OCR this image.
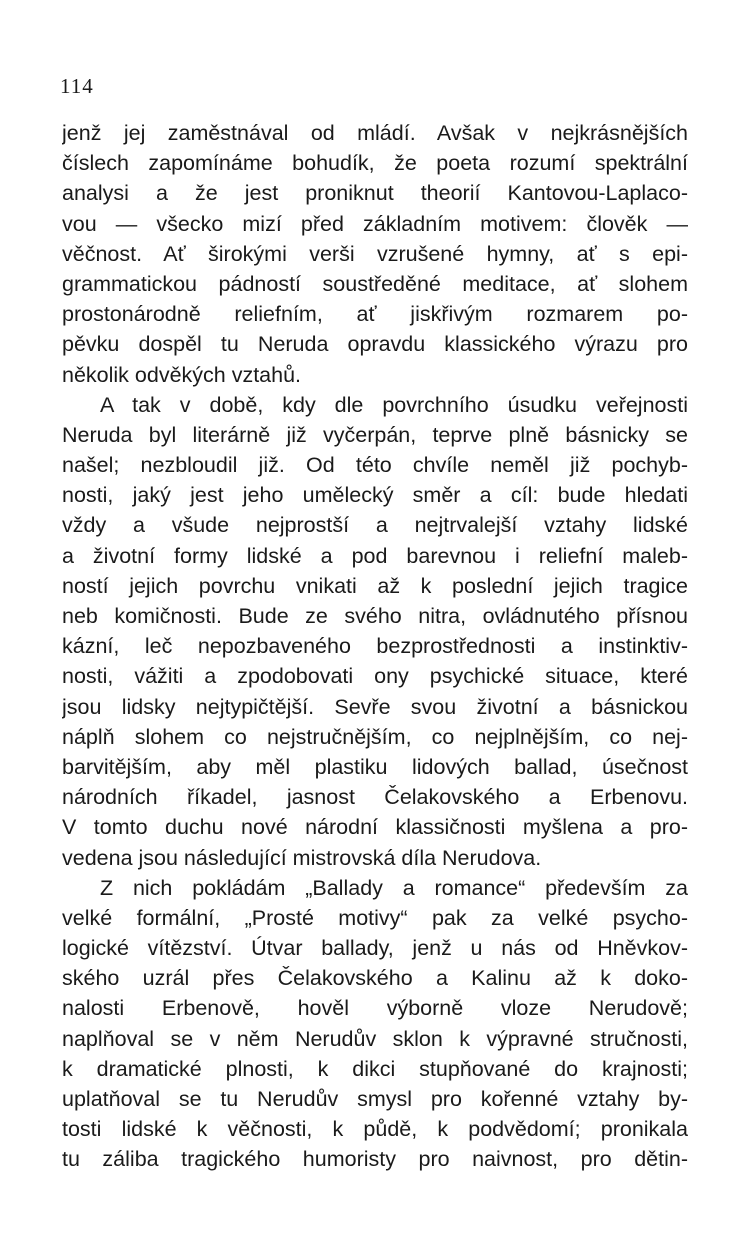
114
jenž jej zaměstnával od mládí. Avšak v nejkrásnějších
číslech zapomínáme bohudík, že poeta rozumí spektrální
analysi a že jest proniknut theorií Kantovou-Laplaco-
vou — všecko mizí před základním motivem: člověk —
věčnost. Ať širokými verši vzrušené hymny, ať s epi-
grammatickou pádností soustředěné meditace, ať slohem
prostonárodně reliefním, ať jiskřivým rozmarem po-
pěvku dospěl tu Neruda opravdu klassického výrazu pro
několik odvěkých vztahů.
A tak v době, kdy dle povrchního úsudku veřejnosti
Neruda byl literárně již vyčerpán, teprve plně básnicky se
našel; nezbloudil již. Od této chvíle neměl již pochyb-
nosti, jaký jest jeho umělecký směr a cíl: bude hledati
vždy a všude nejprostší a nejtrvalejší vztahy lidské
a životní formy lidské a pod barevnou i reliefní maleb-
ností jejich povrchu vnikati až k poslední jejich tragice
neb komičnosti. Bude ze svého nitra, ovládnutého přísnou
kázní, leč nepozbaveného bezprostřednosti a instinktiv-
nosti, vážiti a zpodobovati ony psychické situace, které
jsou lidsky nejtypičtější. Sevře svou životní a básnickou
náplň slohem co nejstručnějším, co nejplnějším, co nej-
barvitějším, aby měl plastiku lidových ballad, úsečnost
národních říkadel, jasnost Čelakovského a Erbenovu.
V tomto duchu nové národní klassičnosti myšlena a pro-
vedena jsou následující mistrovská díla Nerudova.
Z nich pokládám „Ballady a romance“ především za
velké formální, „Prosté motivy“ pak za velké psycho-
logické vítězství. Útvar ballady, jenž u nás od Hněvkov-
ského uzrál přes Čelakovského a Kalinu až k doko-
nalosti Erbenově, hověl výborně vloze Nerudově;
naplňoval se v něm Nerudův sklon k výpravné stručnosti,
k dramatické plnosti, k dikci stupňované do krajnosti;
uplatňoval se tu Nerudův smysl pro kořenné vztahy by-
tosti lidské k věčnosti, k půdě, k podvědomí; pronikala
tu záliba tragického humoristy pro naivnost, pro dětin-
